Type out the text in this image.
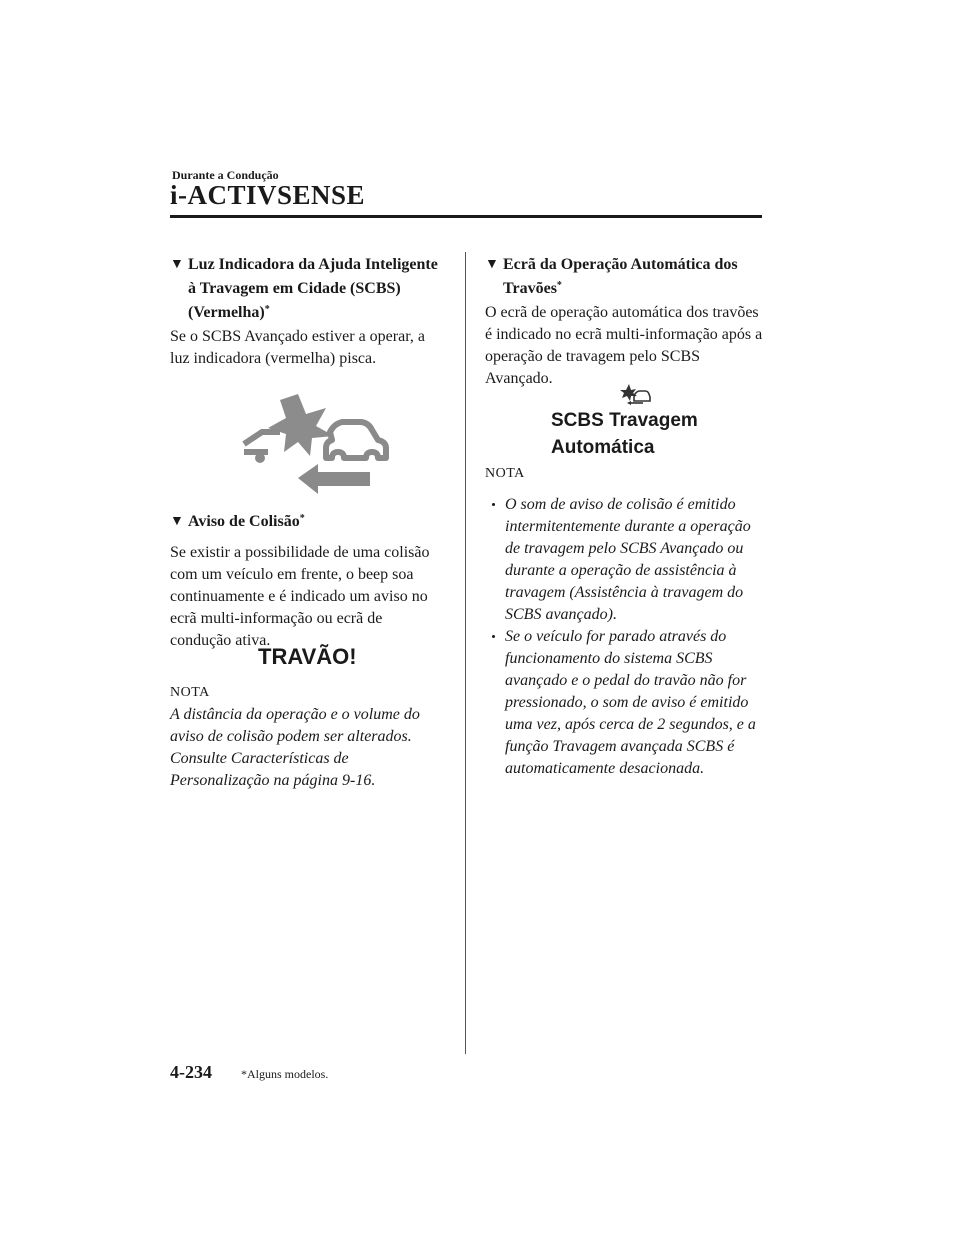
Durante a Condução
i-ACTIVSENSE
▼ Luz Indicadora da Ajuda Inteligente à Travagem em Cidade (SCBS) (Vermelha)*
Se o SCBS Avançado estiver a operar, a luz indicadora (vermelha) pisca.
▼ Aviso de Colisão*
Se existir a possibilidade de uma colisão com um veículo em frente, o beep soa continuamente e é indicado um aviso no ecrã multi-informação ou ecrã de condução ativa.
TRAVÃO!
NOTA
A distância da operação e o volume do aviso de colisão podem ser alterados. Consulte Características de Personalização na página 9-16.
▼ Ecrã da Operação Automática dos Travões*
O ecrã de operação automática dos travões é indicado no ecrã multi-informação após a operação de travagem pelo SCBS Avançado.
SCBS Travagem
Automática
NOTA
O som de aviso de colisão é emitido intermitentemente durante a operação de travagem pelo SCBS Avançado ou durante a operação de assistência à travagem (Assistência à travagem do SCBS avançado).
Se o veículo for parado através do funcionamento do sistema SCBS avançado e o pedal do travão não for pressionado, o som de aviso é emitido uma vez, após cerca de 2 segundos, e a função Travagem avançada SCBS é automaticamente desacionada.
4-234 *Alguns modelos.
